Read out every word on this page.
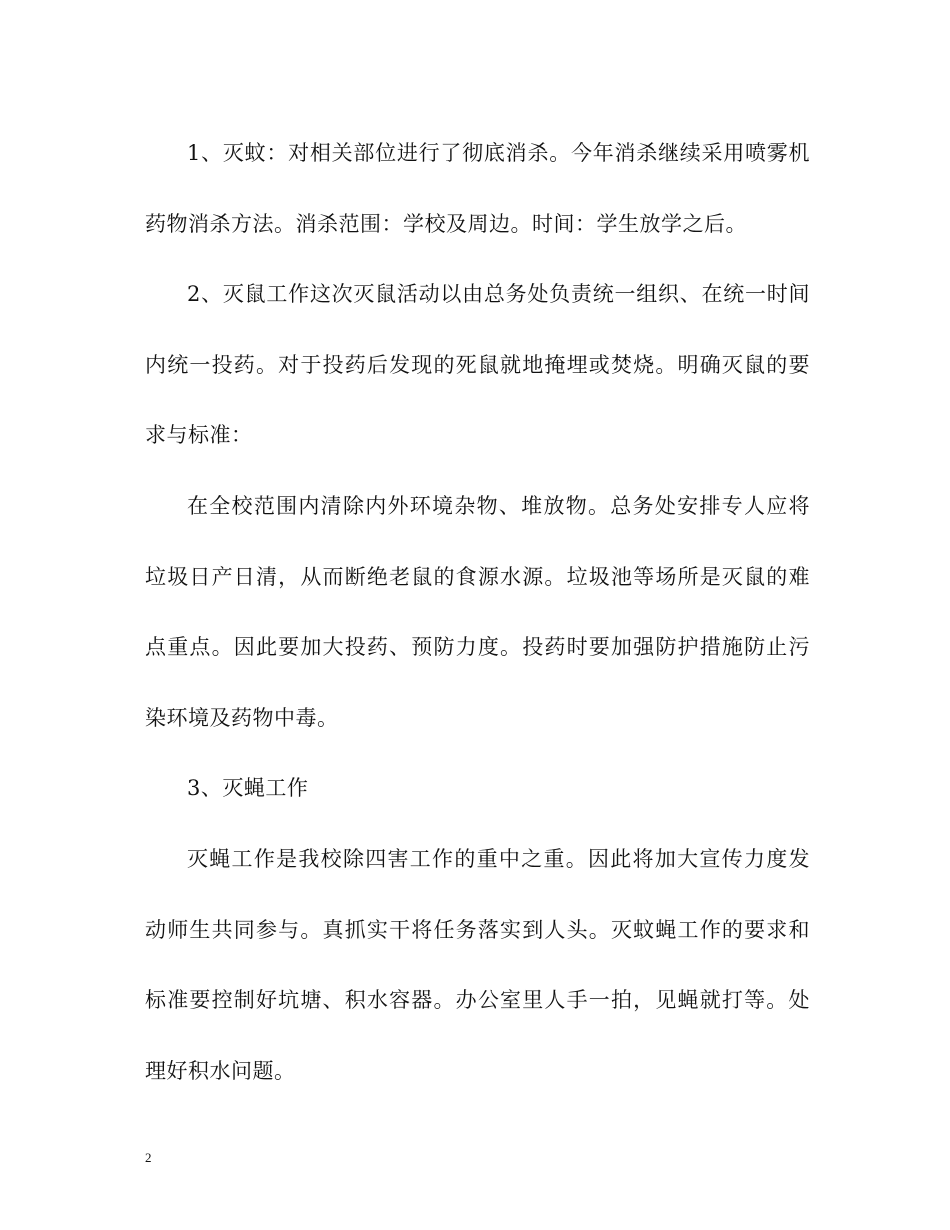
1、灭蚊：对相关部位进行了彻底消杀。今年消杀继续采用喷雾机药物消杀方法。消杀范围：学校及周边。时间：学生放学之后。

2、灭鼠工作这次灭鼠活动以由总务处负责统一组织、在统一时间内统一投药。对于投药后发现的死鼠就地掩埋或焚烧。明确灭鼠的要求与标准：

在全校范围内清除内外环境杂物、堆放物。总务处安排专人应将垃圾日产日清，从而断绝老鼠的食源水源。垃圾池等场所是灭鼠的难点重点。因此要加大投药、预防力度。投药时要加强防护措施防止污染环境及药物中毒。

3、灭蝇工作

灭蝇工作是我校除四害工作的重中之重。因此将加大宣传力度发动师生共同参与。真抓实干将任务落实到人头。灭蚊蝇工作的要求和标准要控制好坑塘、积水容器。办公室里人手一拍，见蝇就打等。处理好积水问题。

2
